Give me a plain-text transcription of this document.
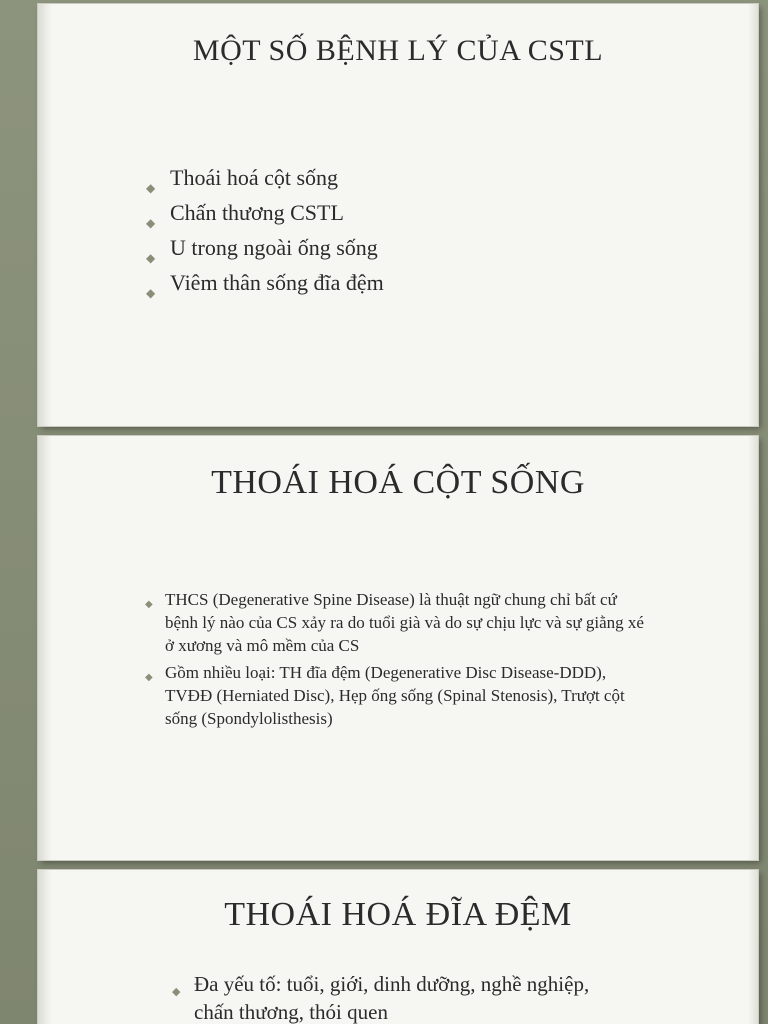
MỘT SỐ BỆNH LÝ CỦA CSTL
◆ Thoái hoá cột sống
◆ Chấn thương CSTL
◆ U trong ngoài ống sống
◆ Viêm thân sống đĩa đệm
THOÁI HOÁ CỘT SỐNG
◆ THCS (Degenerative Spine Disease) là thuật ngữ chung chỉ bất cứ bệnh lý nào của CS xảy ra do tuổi già và do sự chịu lực và sự giằng xé ở xương và mô mềm của CS
◆ Gồm nhiều loại: TH đĩa đệm (Degenerative Disc Disease-DDD), TVĐĐ (Herniated Disc), Hẹp ống sống (Spinal Stenosis), Trượt cột sống (Spondylolisthesis)
THOÁI HOÁ ĐĨA ĐỆM
◆ Đa yếu tố: tuổi, giới, dinh dưỡng, nghề nghiệp, chấn thương, thói quen
